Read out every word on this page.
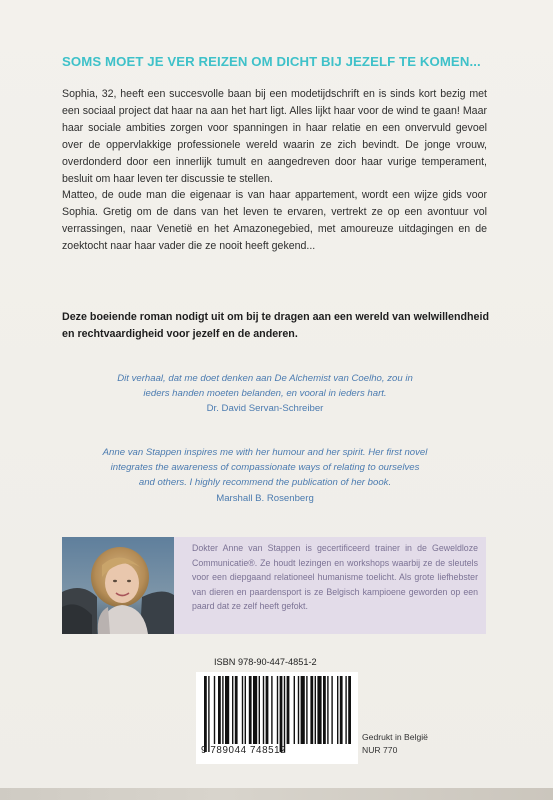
SOMS MOET JE VER REIZEN OM DICHT BIJ JEZELF TE KOMEN...

Sophia, 32, heeft een succesvolle baan bij een modetijdschrift en is sinds kort bezig met een sociaal project dat haar na aan het hart ligt. Alles lijkt haar voor de wind te gaan! Maar haar sociale ambities zorgen voor spanningen in haar relatie en een onvervuld gevoel over de oppervlakkige professionele wereld waarin ze zich bevindt. De jonge vrouw, overdonderd door een innerlijk tumult en aangedreven door haar vurige temperament, besluit om haar leven ter discussie te stellen.

Matteo, de oude man die eigenaar is van haar appartement, wordt een wijze gids voor Sophia. Gretig om de dans van het leven te ervaren, vertrekt ze op een avontuur vol verrassingen, naar Venetië en het Amazonegebied, met amoureuze uitdagingen en de zoektocht naar haar vader die ze nooit heeft gekend...

Deze boeiende roman nodigt uit om bij te dragen aan een wereld van welwillendheid en rechtvaardigheid voor jezelf en de anderen.
Dit verhaal, dat me doet denken aan De Alchemist van Coelho, zou in
ieders handen moeten belanden, en vooral in ieders hart.
Dr. David Servan-Schreiber
Anne van Stappen inspires me with her humour and her spirit. Her first novel
integrates the awareness of compassionate ways of relating to ourselves
and others. I highly recommend the publication of her book.
Marshall B. Rosenberg
Dokter Anne van Stappen is gecertificeerd trainer in de Geweldloze Communicatie®. Ze houdt lezingen en workshops waarbij ze de sleutels voor een diepgaand relationeel humanisme toelicht. Als grote liefhebster van dieren en paardensport is ze Belgisch kampioene geworden op een paard dat ze zelf heeft gefokt.
ISBN 978-90-447-4851-2
9 789044 748512
Gedrukt in België
NUR 770
